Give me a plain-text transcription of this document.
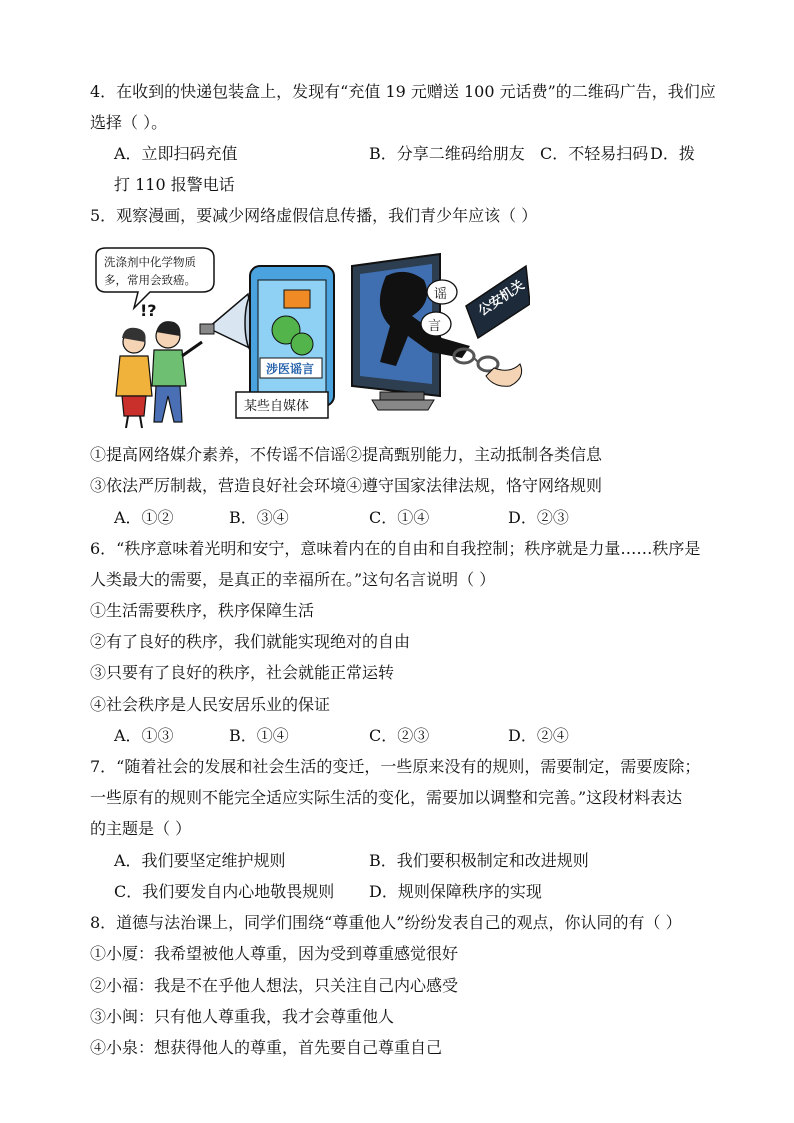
4．在收到的快递包装盒上，发现有“充值 19 元赠送 100 元话费”的二维码广告，我们应
选择（ ）。
A．立即扫码充值	B．分享二维码给朋友 C．不轻易扫码 D．拨
打 110 报警电话
5．观察漫画，要减少网络虚假信息传播，我们青少年应该（ ）
洗涤剂中化学物质
多，常用会致癌。
!?
涉医谣言
某些自媒体
谣
言
公安机关
①提高网络媒介素养，不传谣不信谣②提高甄别能力，主动抵制各类信息
③依法严厉制裁，营造良好社会环境④遵守国家法律法规，恪守网络规则
A．①②	B．③④	C．①④	D．②③
6．“秩序意味着光明和安宁，意味着内在的自由和自我控制；秩序就是力量……秩序是
人类最大的需要，是真正的幸福所在。”这句名言说明（ ）
①生活需要秩序，秩序保障生活
②有了良好的秩序，我们就能实现绝对的自由
③只要有了良好的秩序，社会就能正常运转
④社会秩序是人民安居乐业的保证
A．①③	B．①④	C．②③	D．②④
7．“随着社会的发展和社会生活的变迁，一些原来没有的规则，需要制定，需要废除；
一些原有的规则不能完全适应实际生活的变化，需要加以调整和完善。”这段材料表达
的主题是（ ）
A．我们要坚定维护规则	B．我们要积极制定和改进规则
C．我们要发自内心地敬畏规则 D．规则保障秩序的实现
8．道德与法治课上，同学们围绕“尊重他人”纷纷发表自己的观点，你认同的有（ ）
①小厦：我希望被他人尊重，因为受到尊重感觉很好
②小福：我是不在乎他人想法，只关注自己内心感受
③小闽：只有他人尊重我，我才会尊重他人
④小泉：想获得他人的尊重，首先要自己尊重自己
